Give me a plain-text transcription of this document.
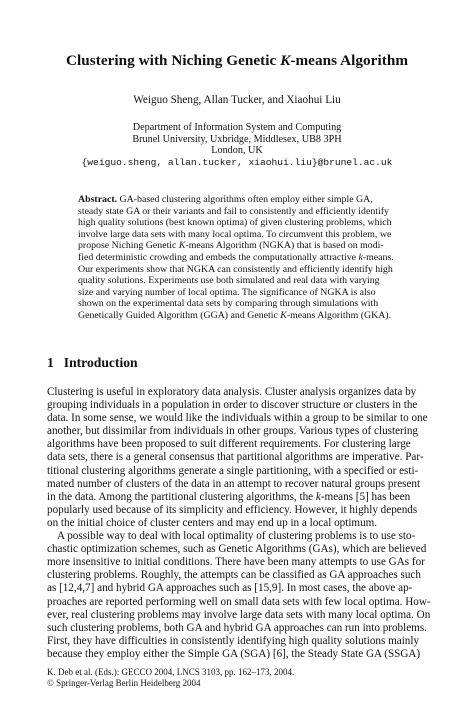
Clustering with Niching Genetic K-means Algorithm
Weiguo Sheng, Allan Tucker, and Xiaohui Liu
Department of Information System and Computing
Brunel University, Uxbridge, Middlesex, UB8 3PH
London, UK
{weiguo.sheng, allan.tucker, xiaohui.liu}@brunel.ac.uk
Abstract. GA-based clustering algorithms often employ either simple GA,
steady state GA or their variants and fail to consistently and efficiently identify
high quality solutions (best known optima) of given clustering problems, which
involve large data sets with many local optima. To circumvent this problem, we
propose Niching Genetic K-means Algorithm (NGKA) that is based on modi-
fied deterministic crowding and embeds the computationally attractive k-means.
Our experiments show that NGKA can consistently and efficiently identify high
quality solutions. Experiments use both simulated and real data with varying
size and varying number of local optima. The significance of NGKA is also
shown on the experimental data sets by comparing through simulations with
Genetically Guided Algorithm (GGA) and Genetic K-means Algorithm (GKA).
1 Introduction
Clustering is useful in exploratory data analysis. Cluster analysis organizes data by
grouping individuals in a population in order to discover structure or clusters in the
data. In some sense, we would like the individuals within a group to be similar to one
another, but dissimilar from individuals in other groups. Various types of clustering
algorithms have been proposed to suit different requirements. For clustering large
data sets, there is a general consensus that partitional algorithms are imperative. Par-
titional clustering algorithms generate a single partitioning, with a specified or esti-
mated number of clusters of the data in an attempt to recover natural groups present
in the data. Among the partitional clustering algorithms, the k-means [5] has been
popularly used because of its simplicity and efficiency. However, it highly depends
on the initial choice of cluster centers and may end up in a local optimum.
A possible way to deal with local optimality of clustering problems is to use sto-
chastic optimization schemes, such as Genetic Algorithms (GAs), which are believed
more insensitive to initial conditions. There have been many attempts to use GAs for
clustering problems. Roughly, the attempts can be classified as GA approaches such
as [12,4,7] and hybrid GA approaches such as [15,9]. In most cases, the above ap-
proaches are reported performing well on small data sets with few local optima. How-
ever, real clustering problems may involve large data sets with many local optima. On
such clustering problems, both GA and hybrid GA approaches can run into problems.
First, they have difficulties in consistently identifying high quality solutions mainly
because they employ either the Simple GA (SGA) [6], the Steady State GA (SSGA)
K. Deb et al. (Eds.): GECCO 2004, LNCS 3103, pp. 162–173, 2004.
© Springer-Verlag Berlin Heidelberg 2004
